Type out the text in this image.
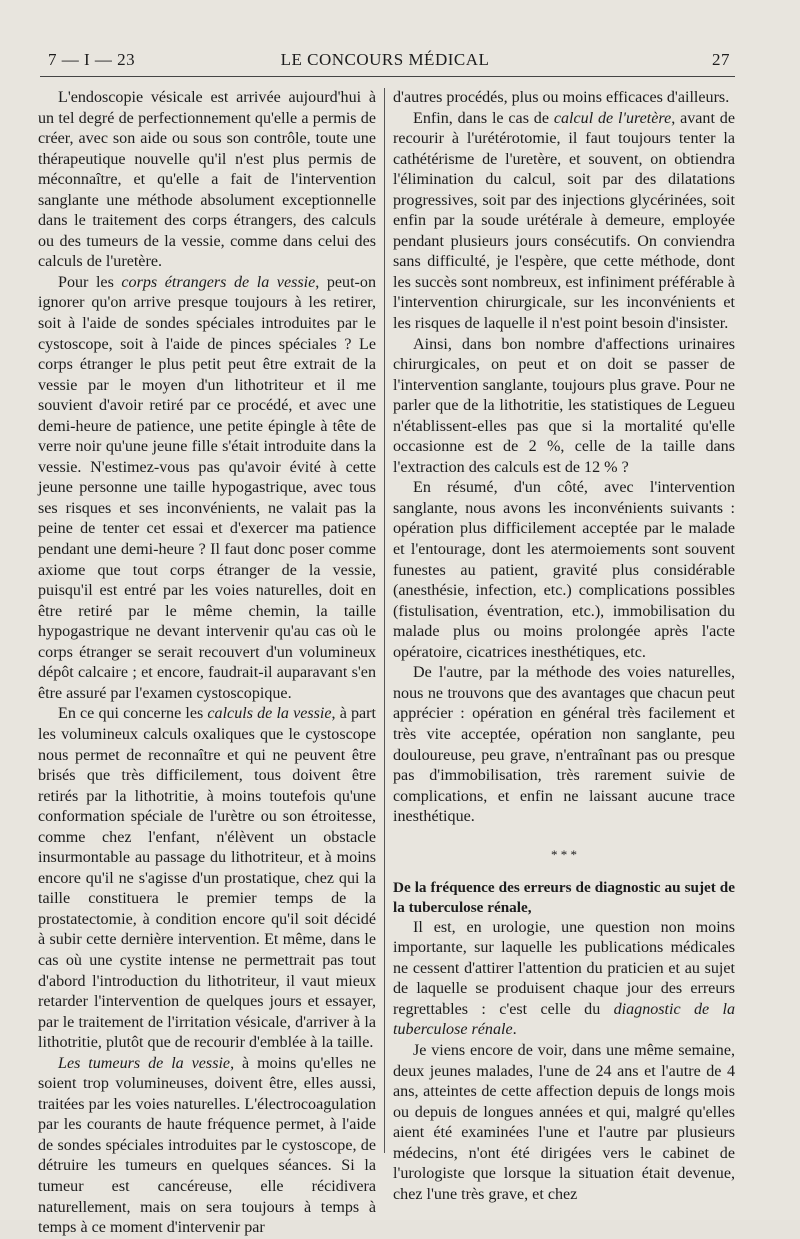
7 — I — 23	LE CONCOURS MÉDICAL	27

L'endoscopie vésicale est arrivée aujourd'hui à un tel degré de perfectionnement qu'elle a permis de créer, avec son aide ou sous son contrôle, toute une thérapeutique nouvelle qu'il n'est plus permis de méconnaître, et qu'elle a fait de l'intervention sanglante une méthode absolument exceptionnelle dans le traitement des corps étrangers, des calculs ou des tumeurs de la vessie, comme dans celui des calculs de l'uretère.

Pour les corps étrangers de la vessie, peut-on ignorer qu'on arrive presque toujours à les retirer, soit à l'aide de sondes spéciales introduites par le cystoscope, soit à l'aide de pinces spéciales ? Le corps étranger le plus petit peut être extrait de la vessie par le moyen d'un lithotriteur et il me souvient d'avoir retiré par ce procédé, et avec une demi-heure de patience, une petite épingle à tête de verre noir qu'une jeune fille s'était introduite dans la vessie. N'estimez-vous pas qu'avoir évité à cette jeune personne une taille hypogastrique, avec tous ses risques et ses inconvénients, ne valait pas la peine de tenter cet essai et d'exercer ma patience pendant une demi-heure ? Il faut donc poser comme axiome que tout corps étranger de la vessie, puisqu'il est entré par les voies naturelles, doit en être retiré par le même chemin, la taille hypogastrique ne devant intervenir qu'au cas où le corps étranger se serait recouvert d'un volumineux dépôt calcaire ; et encore, faudrait-il auparavant s'en être assuré par l'examen cystoscopique.

En ce qui concerne les calculs de la vessie, à part les volumineux calculs oxaliques que le cystoscope nous permet de reconnaître et qui ne peuvent être brisés que très difficilement, tous doivent être retirés par la lithotritie, à moins toutefois qu'une conformation spéciale de l'urètre ou son étroitesse, comme chez l'enfant, n'élèvent un obstacle insurmontable au passage du lithotriteur, et à moins encore qu'il ne s'agisse d'un prostatique, chez qui la taille constituera le premier temps de la prostatectomie, à condition encore qu'il soit décidé à subir cette dernière intervention. Et même, dans le cas où une cystite intense ne permettrait pas tout d'abord l'introduction du lithotriteur, il vaut mieux retarder l'intervention de quelques jours et essayer, par le traitement de l'irritation vésicale, d'arriver à la lithotritie, plutôt que de recourir d'emblée à la taille.

Les tumeurs de la vessie, à moins qu'elles ne soient trop volumineuses, doivent être, elles aussi, traitées par les voies naturelles. L'électrocoagulation par les courants de haute fréquence permet, à l'aide de sondes spéciales introduites par le cystoscope, de détruire les tumeurs en quelques séances. Si la tumeur est cancéreuse, elle récidivera naturellement, mais on sera toujours à temps à temps à ce moment d'intervenir par

d'autres procédés, plus ou moins efficaces d'ailleurs.

Enfin, dans le cas de calcul de l'uretère, avant de recourir à l'urétérotomie, il faut toujours tenter la cathétérisme de l'uretère, et souvent, on obtiendra l'élimination du calcul, soit par des dilatations progressives, soit par des injections glycérinées, soit enfin par la soude urétérale à demeure, employée pendant plusieurs jours consécutifs. On conviendra sans difficulté, je l'espère, que cette méthode, dont les succès sont nombreux, est infiniment préférable à l'intervention chirurgicale, sur les inconvénients et les risques de laquelle il n'est point besoin d'insister.

Ainsi, dans bon nombre d'affections urinaires chirurgicales, on peut et on doit se passer de l'intervention sanglante, toujours plus grave. Pour ne parler que de la lithotritie, les statistiques de Legueu n'établissent-elles pas que si la mortalité qu'elle occasionne est de 2 %, celle de la taille dans l'extraction des calculs est de 12 % ?

En résumé, d'un côté, avec l'intervention sanglante, nous avons les inconvénients suivants : opération plus difficilement acceptée par le malade et l'entourage, dont les atermoiements sont souvent funestes au patient, gravité plus considérable (anesthésie, infection, etc.) complications possibles (fistulisation, éventration, etc.), immobilisation du malade plus ou moins prolongée après l'acte opératoire, cicatrices inesthétiques, etc.

De l'autre, par la méthode des voies naturelles, nous ne trouvons que des avantages que chacun peut apprécier : opération en général très facilement et très vite acceptée, opération non sanglante, peu douloureuse, peu grave, n'entraînant pas ou presque pas d'immobilisation, très rarement suivie de complications, et enfin ne laissant aucune trace inesthétique.

* * *

De la fréquence des erreurs de diagnostic au sujet de la tuberculose rénale,

Il est, en urologie, une question non moins importante, sur laquelle les publications médicales ne cessent d'attirer l'attention du praticien et au sujet de laquelle se produisent chaque jour des erreurs regrettables : c'est celle du diagnostic de la tuberculose rénale.

Je viens encore de voir, dans une même semaine, deux jeunes malades, l'une de 24 ans et l'autre de 4 ans, atteintes de cette affection depuis de longs mois ou depuis de longues années et qui, malgré qu'elles aient été examinées l'une et l'autre par plusieurs médecins, n'ont été dirigées vers le cabinet de l'urologiste que lorsque la situation était devenue, chez l'une très grave, et chez
